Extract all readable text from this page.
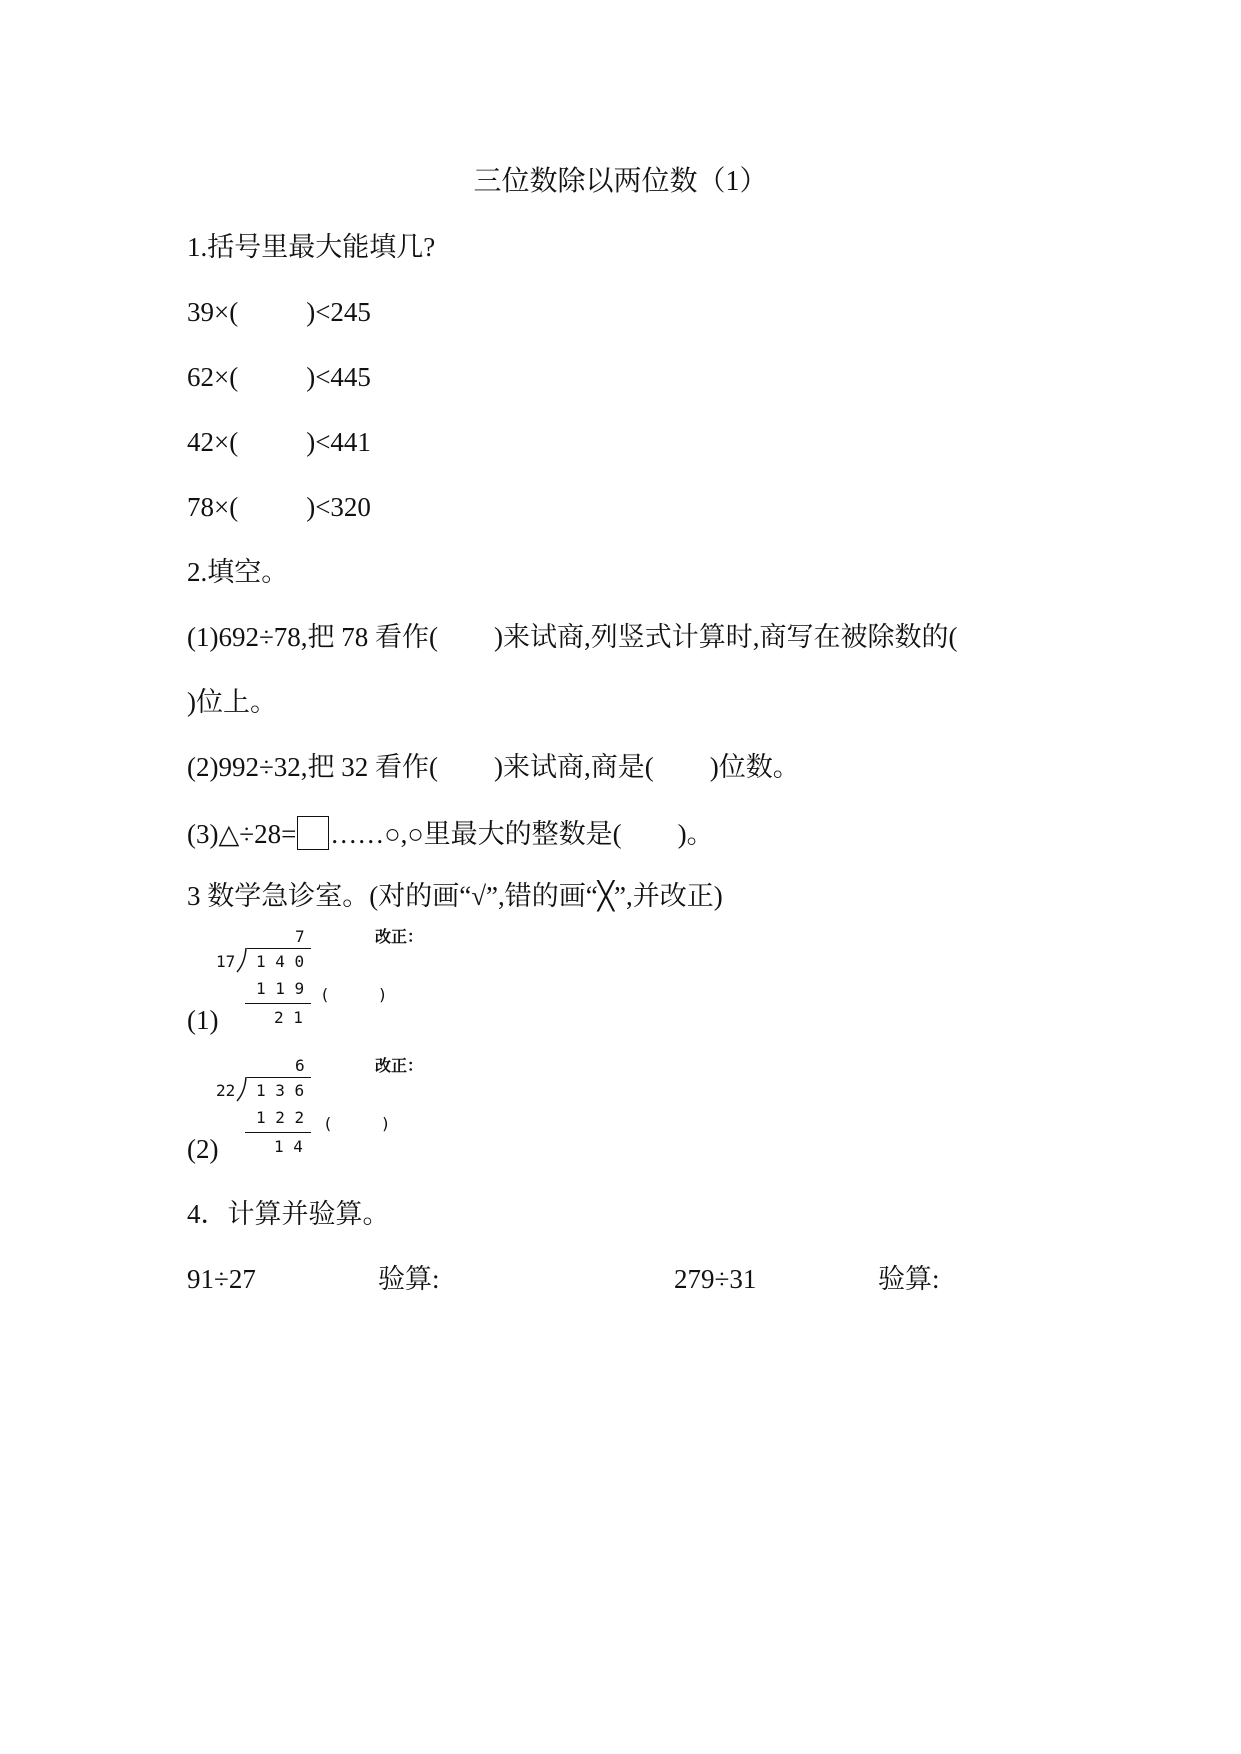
三位数除以两位数（1）
1.括号里最大能填几?
39×(	)<245
62×(	)<445
42×(	)<441
78×(	)<320
2.填空。
(1)692÷78,把 78 看作( )来试商,列竖式计算时,商写在被除数的(
)位上。
(2)992÷32,把 32 看作( )来试商,商是( )位数。
(3)△÷28= ……○,○里最大的整数是( )。
3 数学急诊室。(对的画“√”,错的画“╳”,并改正)
7	改正：
17 1 4 0
1 1 9 (     )
2 1
(1)
6	改正：
22 1 3 6
1 2 2 (     )
1 4
(2)
4．计算并验算。
91÷27	验算:	279÷31	验算:
